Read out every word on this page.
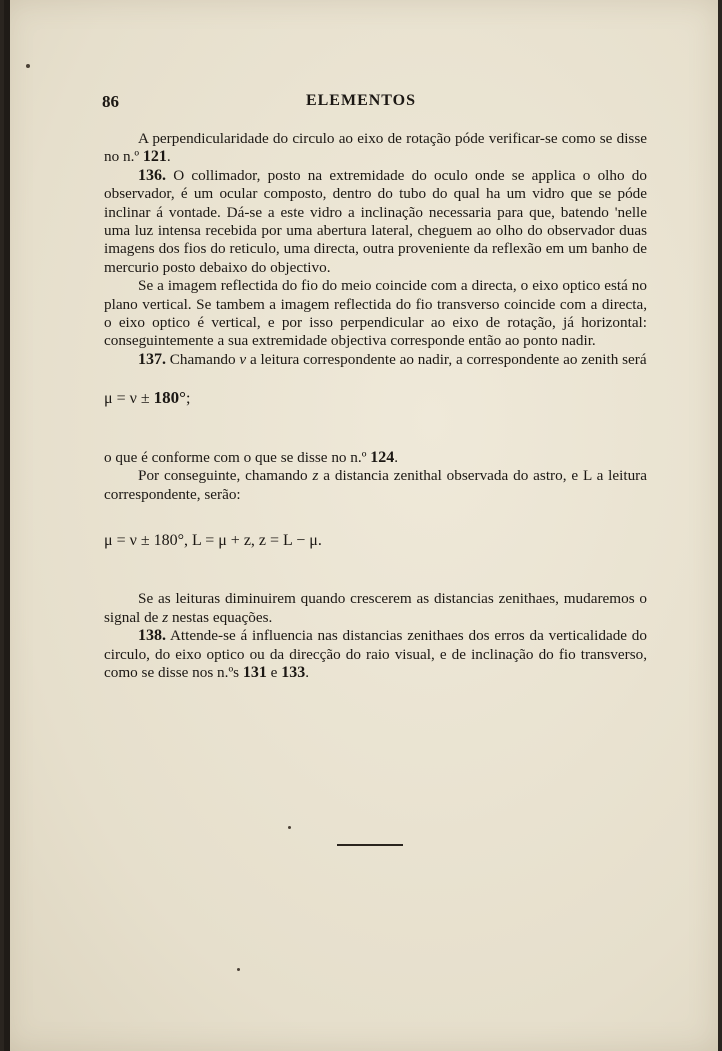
86	ELEMENTOS

A perpendicularidade do circulo ao eixo de rotação póde verificar-se como se disse no n.º 121.

136. O collimador, posto na extremidade do oculo onde se applica o olho do observador, é um ocular composto, dentro do tubo do qual ha um vidro que se póde inclinar á vontade. Dá-se a este vidro a inclinação necessaria para que, batendo 'nelle uma luz intensa recebida por uma abertura lateral, cheguem ao olho do observador duas imagens dos fios do reticulo, uma directa, outra proveniente da reflexão em um banho de mercurio posto debaixo do objectivo.

Se a imagem reflectida do fio do meio coincide com a directa, o eixo optico está no plano vertical. Se tambem a imagem reflectida do fio transverso coincide com a directa, o eixo optico é vertical, e por isso perpendicular ao eixo de rotação, já horizontal: conseguintemente a sua extremidade objectiva corresponde então ao ponto nadir.

137. Chamando ν a leitura correspondente ao nadir, a correspondente ao zenith será

μ = ν ± 180°;

o que é conforme com o que se disse no n.º 124.

Por conseguinte, chamando z a distancia zenithal observada do astro, e L a leitura correspondente, serão:

μ = ν ± 180°, L = μ + z, z = L − μ.

Se as leituras diminuirem quando crescerem as distancias zenithaes, mudaremos o signal de z nestas equações.

138. Attende-se á influencia nas distancias zenithaes dos erros da verticalidade do circulo, do eixo optico ou da direcção do raio visual, e de inclinação do fio transverso, como se disse nos n.ºs 131 e 133.
